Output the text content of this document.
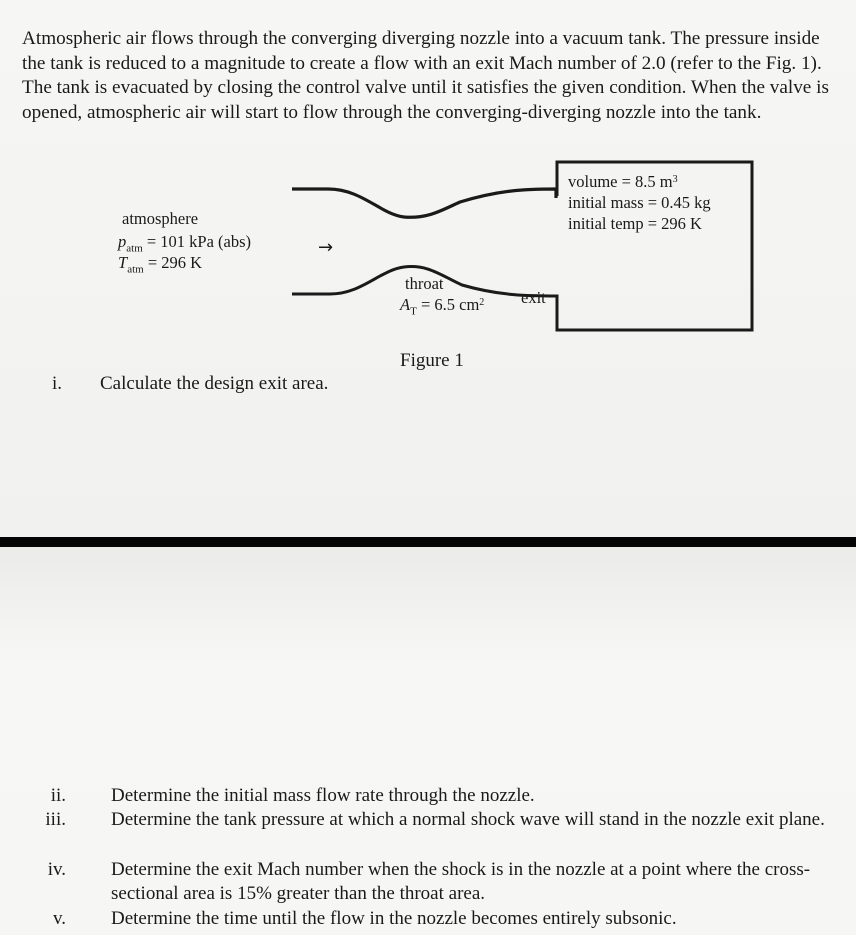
Atmospheric air flows through the converging diverging nozzle into a vacuum tank. The pressure inside the tank is reduced to a magnitude to create a flow with an exit Mach number of 2.0 (refer to the Fig. 1). The tank is evacuated by closing the control valve until it satisfies the given condition. When the valve is opened, atmospheric air will start to flow through the converging-diverging nozzle into the tank.

atmosphere
$p_{atm} = 101$ kPa (abs)
$T_{atm} = 296$ K
→
throat
$A_T = 6.5$ $cm^2$ exit
volume = 8.5 $m^3$
initial mass = 0.45 kg
initial temp = 296 K
Figure 1
i. Calculate the design exit area.
ii. Determine the initial mass flow rate through the nozzle.
iii. Determine the tank pressure at which a normal shock wave will stand in the nozzle exit plane.
iv. Determine the exit Mach number when the shock is in the nozzle at a point where the cross-sectional area is 15% greater than the throat area.
v. Determine the time until the flow in the nozzle becomes entirely subsonic.
